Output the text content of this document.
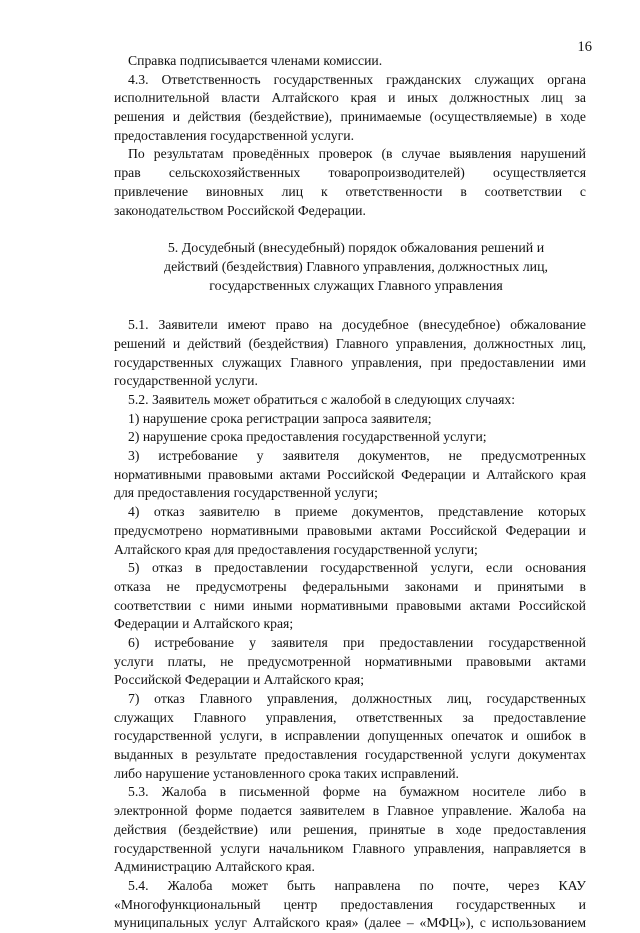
16
Справка подписывается членами комиссии.
4.3. Ответственность государственных гражданских служащих органа
исполнительной власти Алтайского края и иных должностных лиц за
решения и действия (бездействие), принимаемые (осуществляемые) в ходе
предоставления государственной услуги.
По результатам проведённых проверок (в случае выявления нарушений
прав сельскохозяйственных товаропроизводителей) осуществляется
привлечение виновных лиц к ответственности в соответствии с
законодательством Российской Федерации.
5. Досудебный (внесудебный) порядок обжалования решений и
действий (бездействия) Главного управления, должностных лиц,
государственных служащих Главного управления
5.1. Заявители имеют право на досудебное (внесудебное) обжалование
решений и действий (бездействия) Главного управления, должностных лиц,
государственных служащих Главного управления, при предоставлении ими
государственной услуги.
5.2. Заявитель может обратиться с жалобой в следующих случаях:
1) нарушение срока регистрации запроса заявителя;
2) нарушение срока предоставления государственной услуги;
3) истребование у заявителя документов, не предусмотренных
нормативными правовыми актами Российской Федерации и Алтайского края
для предоставления государственной услуги;
4) отказ заявителю в приеме документов, представление которых
предусмотрено нормативными правовыми актами Российской Федерации и
Алтайского края для предоставления государственной услуги;
5) отказ в предоставлении государственной услуги, если основания
отказа не предусмотрены федеральными законами и принятыми в
соответствии с ними иными нормативными правовыми актами Российской
Федерации и Алтайского края;
6) истребование у заявителя при предоставлении государственной
услуги платы, не предусмотренной нормативными правовыми актами
Российской Федерации и Алтайского края;
7) отказ Главного управления, должностных лиц, государственных
служащих Главного управления, ответственных за предоставление
государственной услуги, в исправлении допущенных опечаток и ошибок в
выданных в результате предоставления государственной услуги документах
либо нарушение установленного срока таких исправлений.
5.3. Жалоба в письменной форме на бумажном носителе либо в
электронной форме подается заявителем в Главное управление. Жалоба на
действия (бездействие) или решения, принятые в ходе предоставления
государственной услуги начальником Главного управления, направляется в
Администрацию Алтайского края.
5.4. Жалоба может быть направлена по почте, через КАУ
«Многофункциональный центр предоставления государственных и
муниципальных услуг Алтайского края» (далее – «МФЦ»), с использованием
